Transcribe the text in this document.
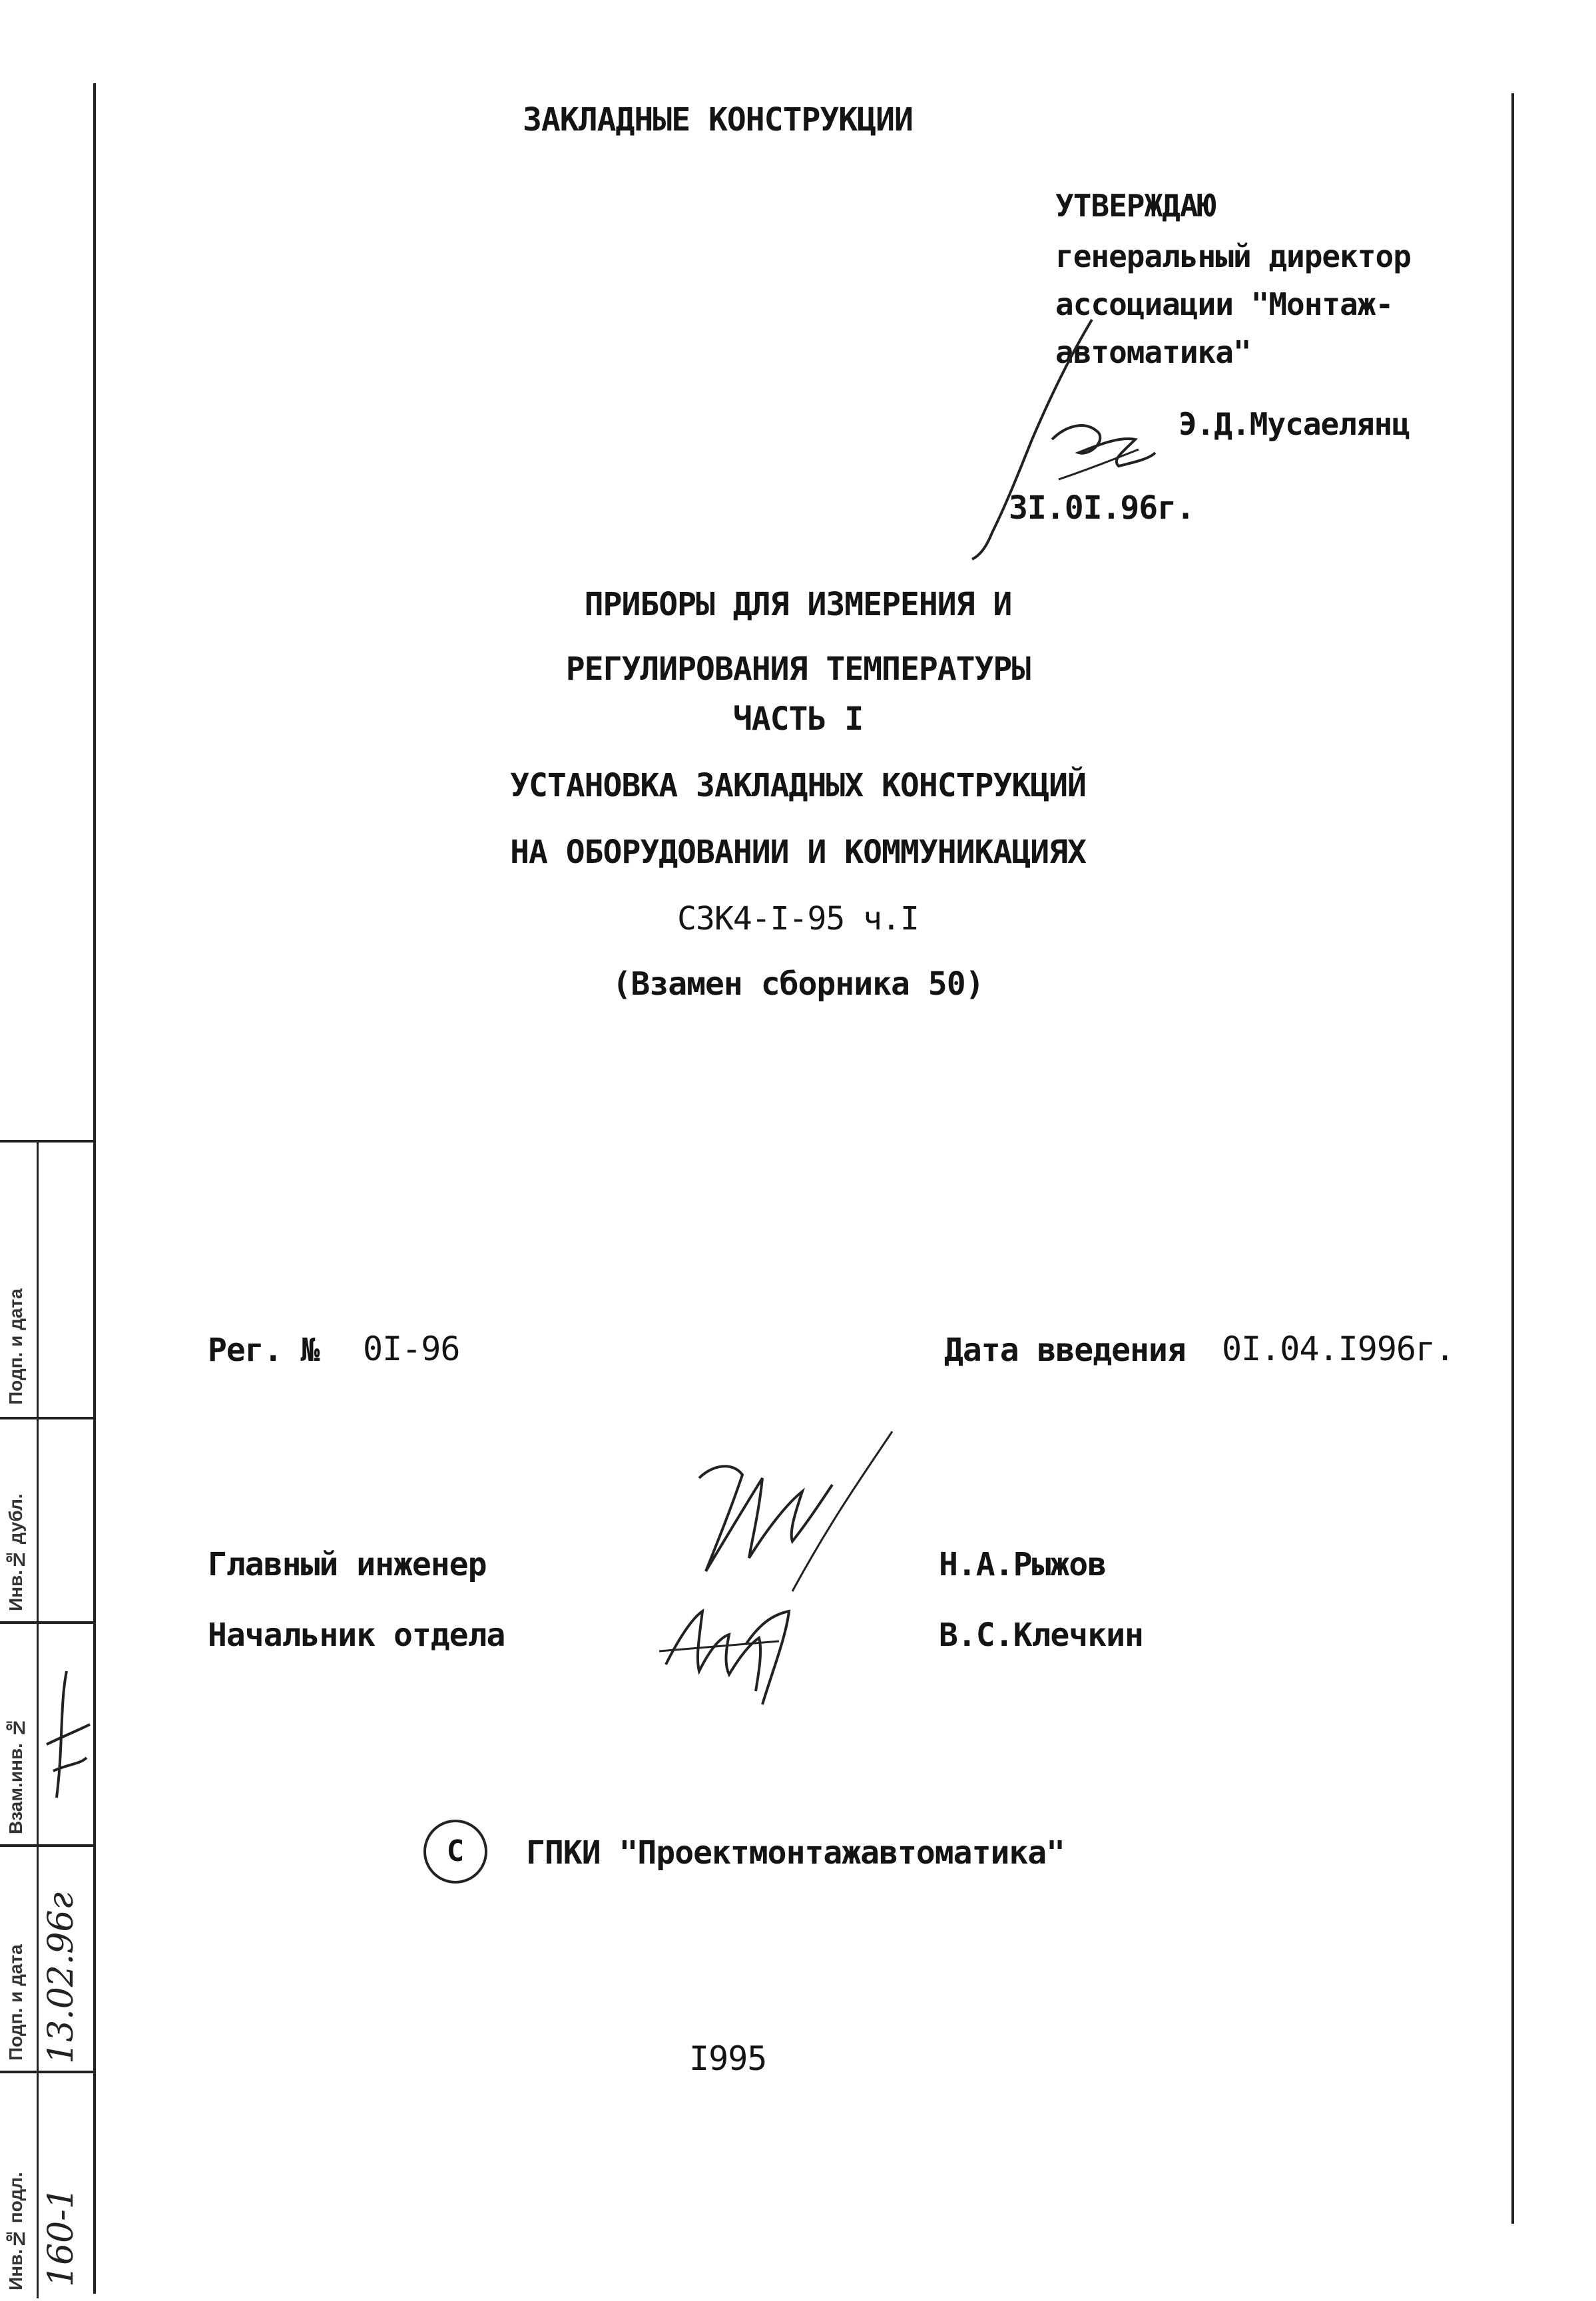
ЗАКЛАДНЫЕ КОНСТРУКЦИИ
УТВЕРЖДАЮ
генеральный директор
ассоциации "Монтаж-
автоматика"
Э.Д.Мусаелянц
3I.0I.96г.
ПРИБОРЫ ДЛЯ ИЗМЕРЕНИЯ И
РЕГУЛИРОВАНИЯ ТЕМПЕРАТУРЫ
ЧАСТЬ I
УСТАНОВКА ЗАКЛАДНЫХ КОНСТРУКЦИЙ
НА ОБОРУДОВАНИИ И КОММУНИКАЦИЯХ
СЗК4-I-95 ч.I
(Взамен сборника 50)
Рег. № 0I-96	Дата введения 0I.04.I996г.
Главный инженер	Н.А.Рыжов
Начальник отдела	В.С.Клечкин
С	ГПКИ "Проектмонтажавтоматика"
I995
Подп. и дата
Инв.№ дубл.
Взам.инв. №
Подп. и дата
Инв.№ подл.
13.02.96г
160-1
